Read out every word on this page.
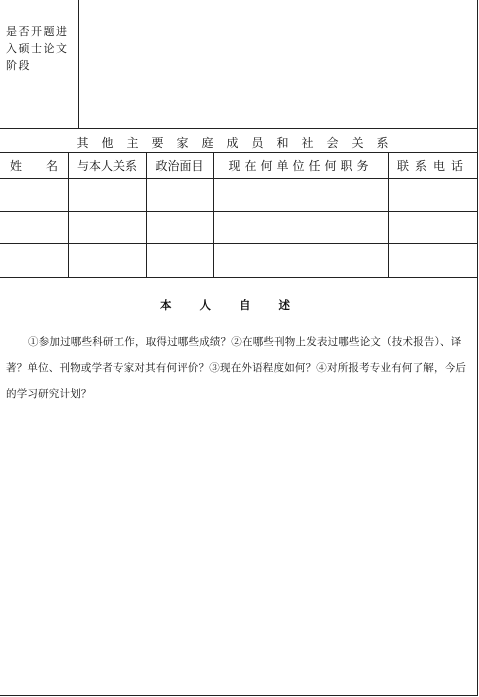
是否开题进入硕士论文阶段
其他主要家庭成员和社会关系
姓　　名	与本人关系	政治面目	现在何单位任何职务	联系电话
本人自述
①参加过哪些科研工作，取得过哪些成绩？②在哪些刊物上发表过哪些论文（技术报告）、译著？单位、刊物或学者专家对其有何评价？③现在外语程度如何？④对所报考专业有何了解，今后的学习研究计划？
